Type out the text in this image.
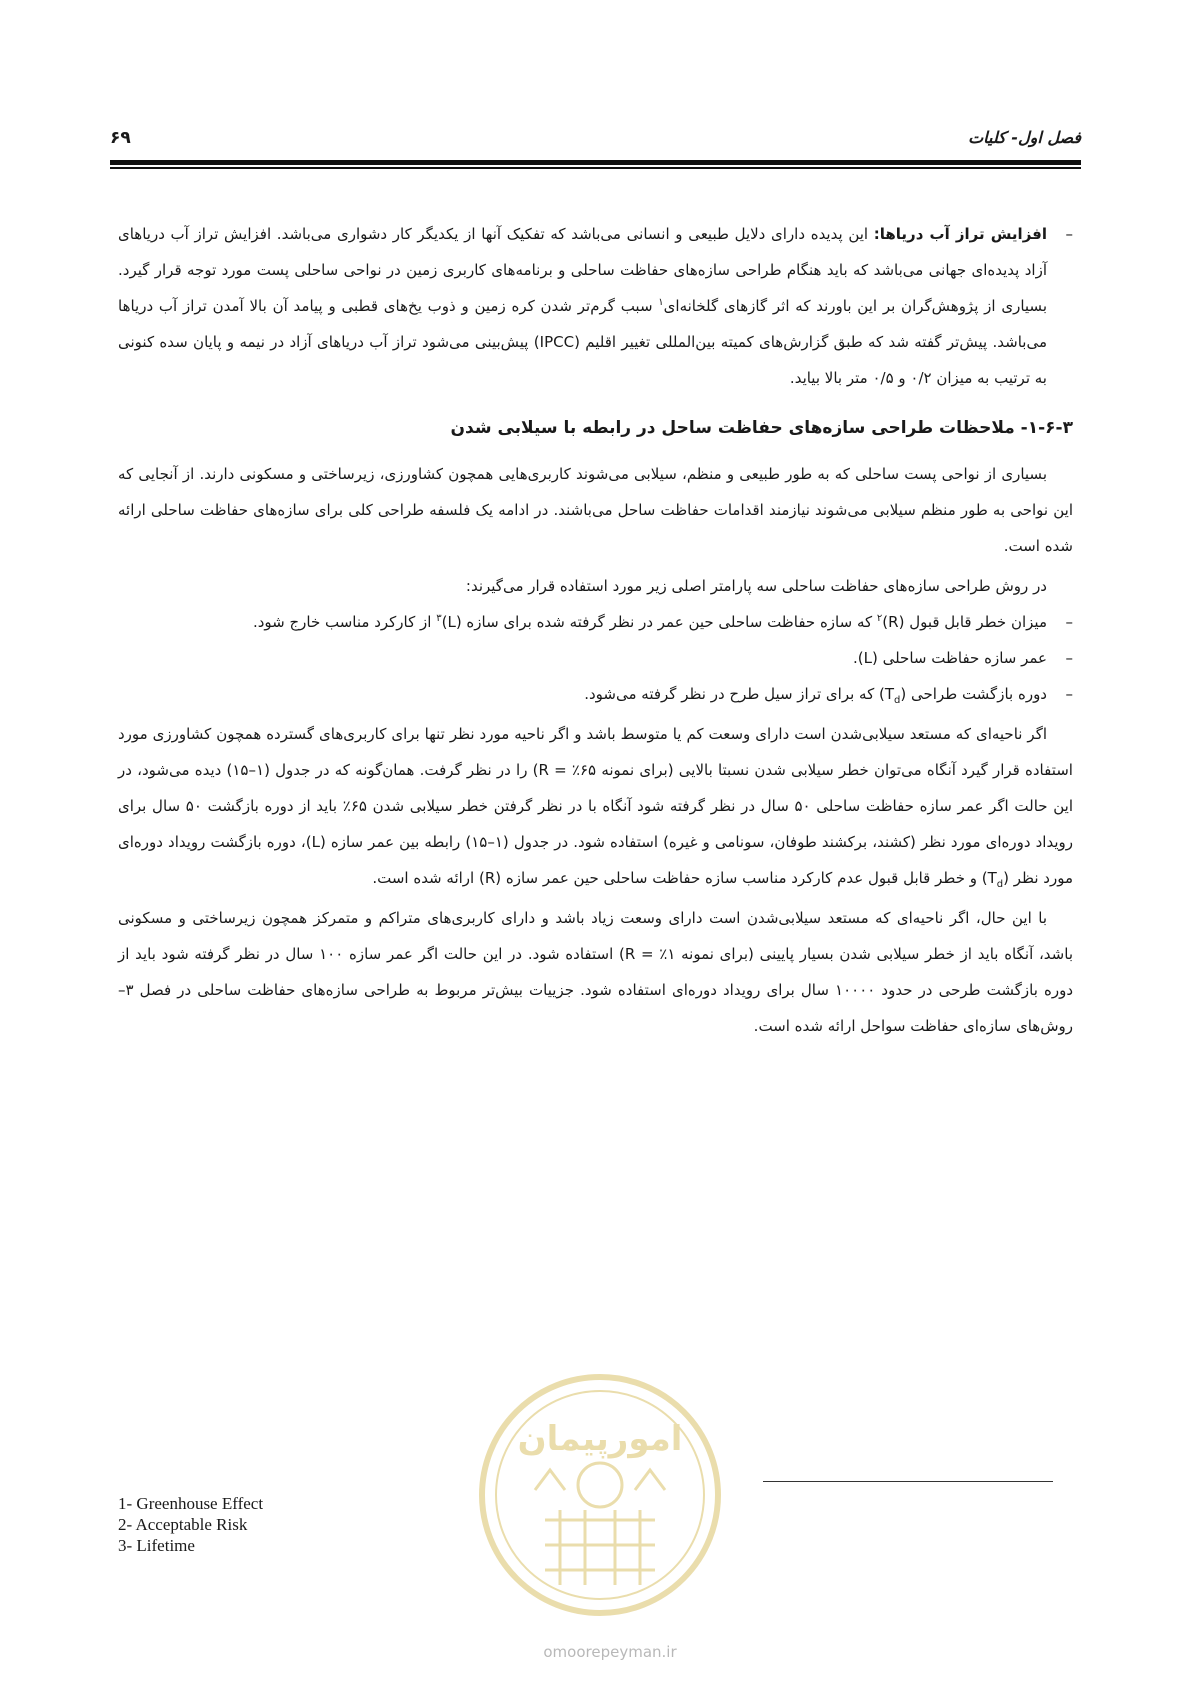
فصل اول- کلیات
۶۹

–
افزایش تراز آب دریاها: این پدیده دارای دلایل طبیعی و انسانی می‌باشد که تفکیک آنها از یکدیگر کار دشواری می‌باشد. افزایش تراز آب دریاهای آزاد پدیده‌ای جهانی می‌باشد که باید هنگام طراحی سازه‌های حفاظت ساحلی و برنامه‌های کاربری زمین در نواحی ساحلی پست مورد توجه قرار گیرد. بسیاری از پژوهش‌گران بر این باورند که اثر گازهای گلخانه‌ای$^۱$ سبب گرم‌تر شدن کره زمین و ذوب یخ‌های قطبی و پیامد آن بالا آمدن تراز آب دریاها می‌باشد. پیش‌تر گفته شد که طبق گزارش‌های کمیته بین‌المللی تغییر اقلیم (IPCC) پیش‌بینی می‌شود تراز آب دریاهای آزاد در نیمه و پایان سده کنونی به ترتیب به میزان ۰/۲ و ۰/۵ متر بالا بیاید.

۱-۶-۳- ملاحظات طراحی سازه‌های حفاظت ساحل در رابطه با سیلابی شدن

بسیاری از نواحی پست ساحلی که به طور طبیعی و منظم، سیلابی می‌شوند کاربری‌هایی همچون کشاورزی، زیرساختی و مسکونی دارند. از آنجایی که این نواحی به طور منظم سیلابی می‌شوند نیازمند اقدامات حفاظت ساحل می‌باشند. در ادامه یک فلسفه طراحی کلی برای سازه‌های حفاظت ساحلی ارائه شده است.

در روش طراحی سازه‌های حفاظت ساحلی سه پارامتر اصلی زیر مورد استفاده قرار می‌گیرند:

–
میزان خطر قابل قبول $(R)^۲$ که سازه حفاظت ساحلی حین عمر در نظر گرفته شده برای سازه $(L)^۳$ از کارکرد مناسب خارج شود.

–
عمر سازه حفاظت ساحلی (L).

–
دوره بازگشت طراحی $(T_d)$ که برای تراز سیل طرح در نظر گرفته می‌شود.

اگر ناحیه‌ای که مستعد سیلابی‌شدن است دارای وسعت کم یا متوسط باشد و اگر ناحیه مورد نظر تنها برای کاربری‌های گسترده همچون کشاورزی مورد استفاده قرار گیرد آنگاه می‌توان خطر سیلابی شدن نسبتا بالایی (برای نمونه ۶۵٪ = R) را در نظر گرفت. همان‌گونه که در جدول (۱–۱۵) دیده می‌شود، در این حالت اگر عمر سازه حفاظت ساحلی ۵۰ سال در نظر گرفته شود آنگاه با در نظر گرفتن خطر سیلابی شدن ۶۵٪ باید از دوره بازگشت ۵۰ سال برای رویداد دوره‌ای مورد نظر (کشند، برکشند طوفان، سونامی و غیره) استفاده شود. در جدول (۱–۱۵) رابطه بین عمر سازه (L)، دوره بازگشت رویداد دوره‌ای مورد نظر $(T_d)$ و خطر قابل قبول عدم کارکرد مناسب سازه حفاظت ساحلی حین عمر سازه (R) ارائه شده است.

با این حال، اگر ناحیه‌ای که مستعد سیلابی‌شدن است دارای وسعت زیاد باشد و دارای کاربری‌های متراکم و متمرکز همچون زیرساختی و مسکونی باشد، آنگاه باید از خطر سیلابی شدن بسیار پایینی (برای نمونه ۱٪ = R) استفاده شود. در این حالت اگر عمر سازه ۱۰۰ سال در نظر گرفته شود باید از دوره بازگشت طرحی در حدود ۱۰۰۰۰ سال برای رویداد دوره‌ای استفاده شود. جزییات بیش‌تر مربوط به طراحی سازه‌های حفاظت ساحلی در فصل ۳– روش‌های سازه‌ای حفاظت سواحل ارائه شده است.

امورپیمان
1- Greenhouse Effect
2- Acceptable Risk
3- Lifetime
omoorepeyman.ir
